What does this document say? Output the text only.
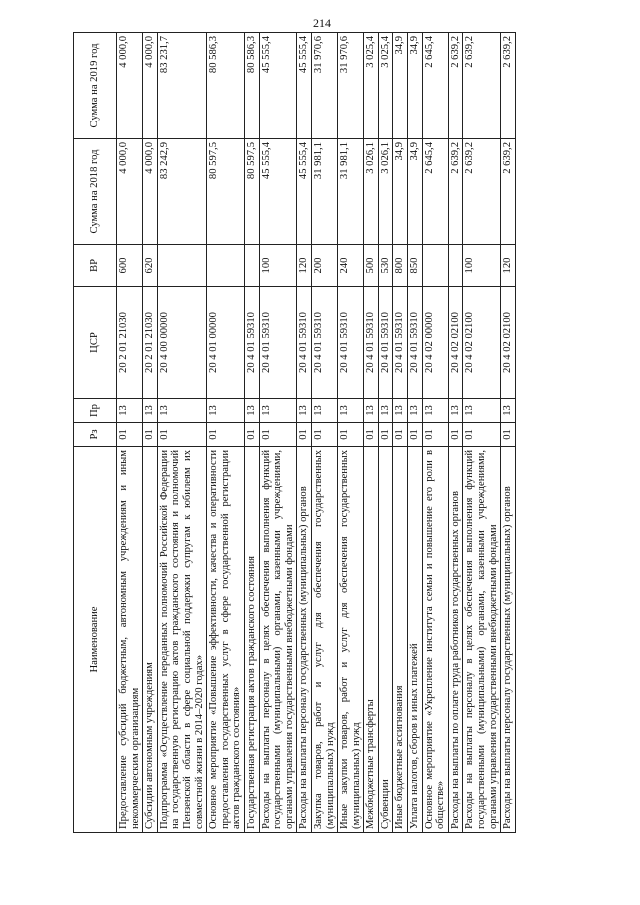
214
Наименование	Рз	Пр	ЦСР	ВР	Сумма на 2018 год	Сумма на 2019 год
Предоставление субсидий бюджетным, автономным учреждениям и иным некоммерческим организациям	01	13	20 2 01 21030	600	4 000,0	4 000,0
Субсидии автономным учреждениям	01	13	20 2 01 21030	620	4 000,0	4 000,0
Подпрограмма «Осуществление переданных полномочий Российской Федерации на государственную регистрацию актов гражданского состояния и полномочий Пензенской области в сфере социальной поддержки супругам к юбилеям их совместной жизни в 2014–2020 годах»	01	13	20 4 00 00000		83 242,9	83 231,7
Основное мероприятие «Повышение эффективности, качества и оперативности предоставления государственных услуг в сфере государственной регистрации актов гражданского состояния»	01	13	20 4 01 00000		80 597,5	80 586,3
Государственная регистрация актов гражданского состояния	01	13	20 4 01 59310		80 597,5	80 586,3
Расходы на выплаты персоналу в целях обеспечения выполнения функций государственными (муниципальными) органами, казенными учреждениями, органами управления государственными внебюджетными фондами	01	13	20 4 01 59310	100	45 555,4	45 555,4
Расходы на выплаты персоналу государственных (муниципальных) органов	01	13	20 4 01 59310	120	45 555,4	45 555,4
Закупка товаров, работ и услуг для обеспечения государственных (муниципальных) нужд	01	13	20 4 01 59310	200	31 981,1	31 970,6
Иные закупки товаров, работ и услуг для обеспечения государственных (муниципальных) нужд	01	13	20 4 01 59310	240	31 981,1	31 970,6
Межбюджетные трансферты	01	13	20 4 01 59310	500	3 026,1	3 025,4
Субвенции	01	13	20 4 01 59310	530	3 026,1	3 025,4
Иные бюджетные ассигнования	01	13	20 4 01 59310	800	34,9	34,9
Уплата налогов, сборов и иных платежей	01	13	20 4 01 59310	850	34,9	34,9
Основное мероприятие «Укрепление института семьи и повышение его роли в обществе»	01	13	20 4 02 00000		2 645,4	2 645,4
Расходы на выплаты по оплате труда работников государственных органов	01	13	20 4 02 02100		2 639,2	2 639,2
Расходы на выплаты персоналу в целях обеспечения выполнения функций государственными (муниципальными) органами, казенными учреждениями, органами управления государственными внебюджетными фондами	01	13	20 4 02 02100	100	2 639,2	2 639,2
Расходы на выплаты персоналу государственных (муниципальных) органов	01	13	20 4 02 02100	120	2 639,2	2 639,2
